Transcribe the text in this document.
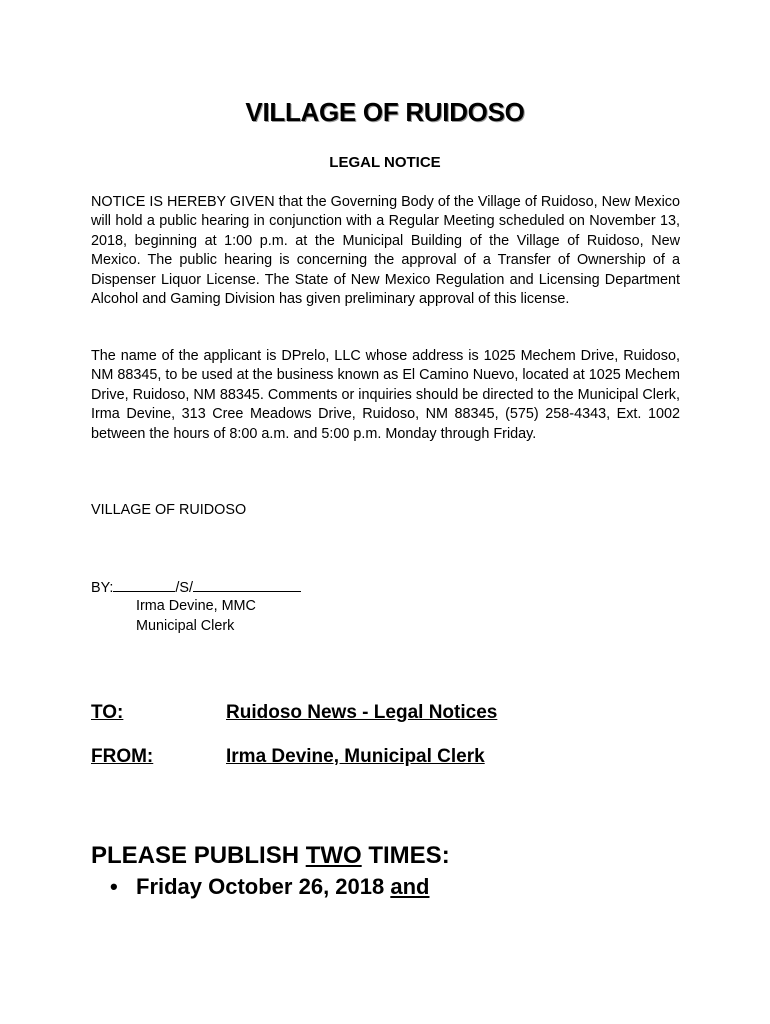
VILLAGE OF RUIDOSO
LEGAL NOTICE
NOTICE IS HEREBY GIVEN that the Governing Body of the Village of Ruidoso, New Mexico will hold a public hearing in conjunction with a Regular Meeting scheduled on November 13, 2018, beginning at 1:00 p.m. at the Municipal Building of the Village of Ruidoso, New Mexico. The public hearing is concerning the approval of a Transfer of Ownership of a Dispenser Liquor License. The State of New Mexico Regulation and Licensing Department Alcohol and Gaming Division has given preliminary approval of this license.
The name of the applicant is DPrelo, LLC whose address is 1025 Mechem Drive, Ruidoso, NM 88345, to be used at the business known as El Camino Nuevo, located at 1025 Mechem Drive, Ruidoso, NM 88345. Comments or inquiries should be directed to the Municipal Clerk, Irma Devine, 313 Cree Meadows Drive, Ruidoso, NM 88345, (575) 258-4343, Ext. 1002 between the hours of 8:00 a.m. and 5:00 p.m. Monday through Friday.
VILLAGE OF RUIDOSO
BY:	/S/
Irma Devine, MMC
Municipal Clerk
TO:	Ruidoso News - Legal Notices
FROM:	Irma Devine, Municipal Clerk
PLEASE PUBLISH TWO TIMES:
• Friday October 26, 2018 and
